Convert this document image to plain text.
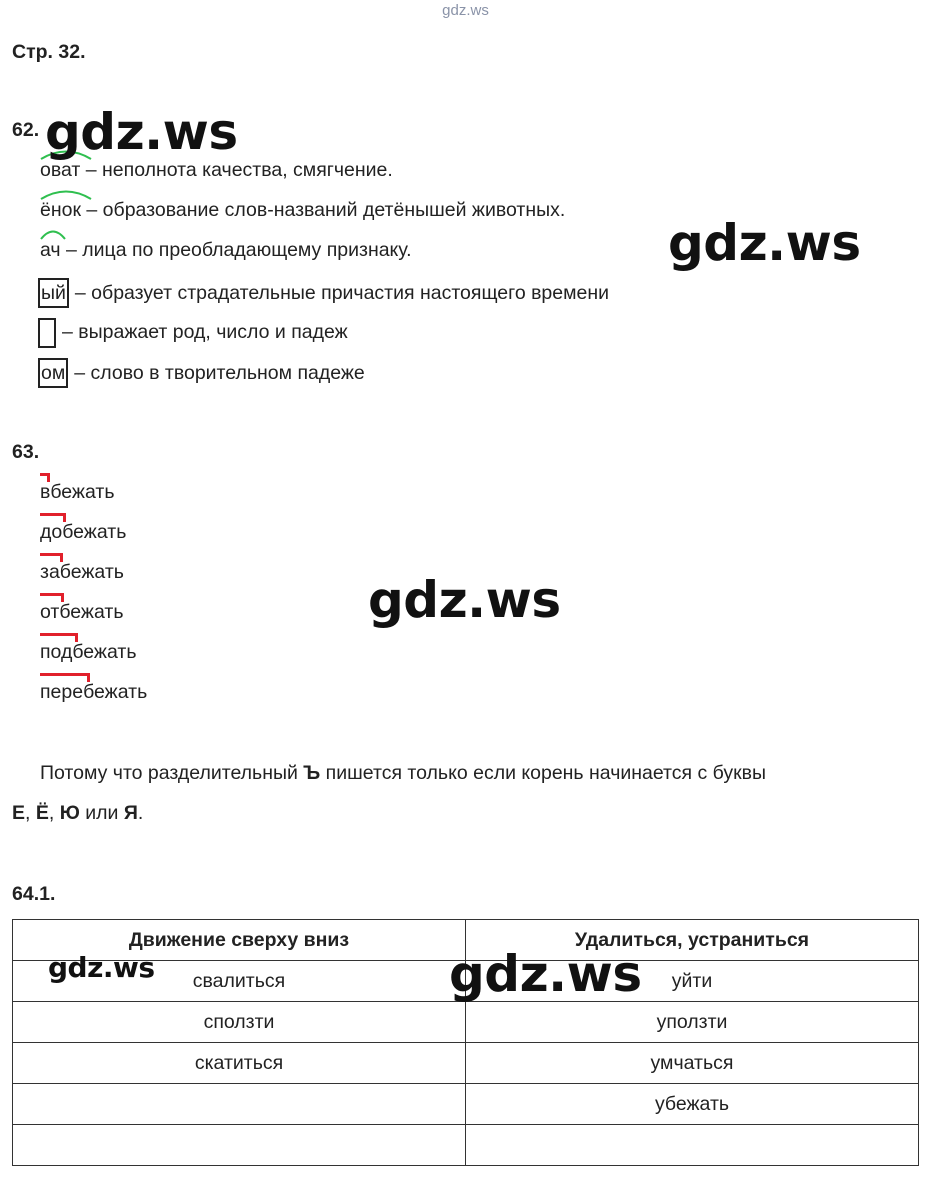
gdz.ws
Стр. 32.
62.
оват – неполнота качества, смягчение.
ёнок – образование слов-названий детёнышей животных.
ач – лица по преобладающему признаку.
ый – образует страдательные причастия настоящего времени
– выражает род, число и падеж
ом – слово в творительном падеже
63.
вбежать
добежать
забежать
отбежать
подбежать
перебежать
Потому что разделительный Ъ пишется только если корень начинается с буквы
Е, Ё, Ю или Я.
64.1.
Движение сверху вниз	Удалиться, устраниться
свалиться	уйти
сползти	уползти
скатиться	умчаться
	убежать

gdz.ws
gdz.ws
gdz.ws
gdz.ws	gdz.ws
